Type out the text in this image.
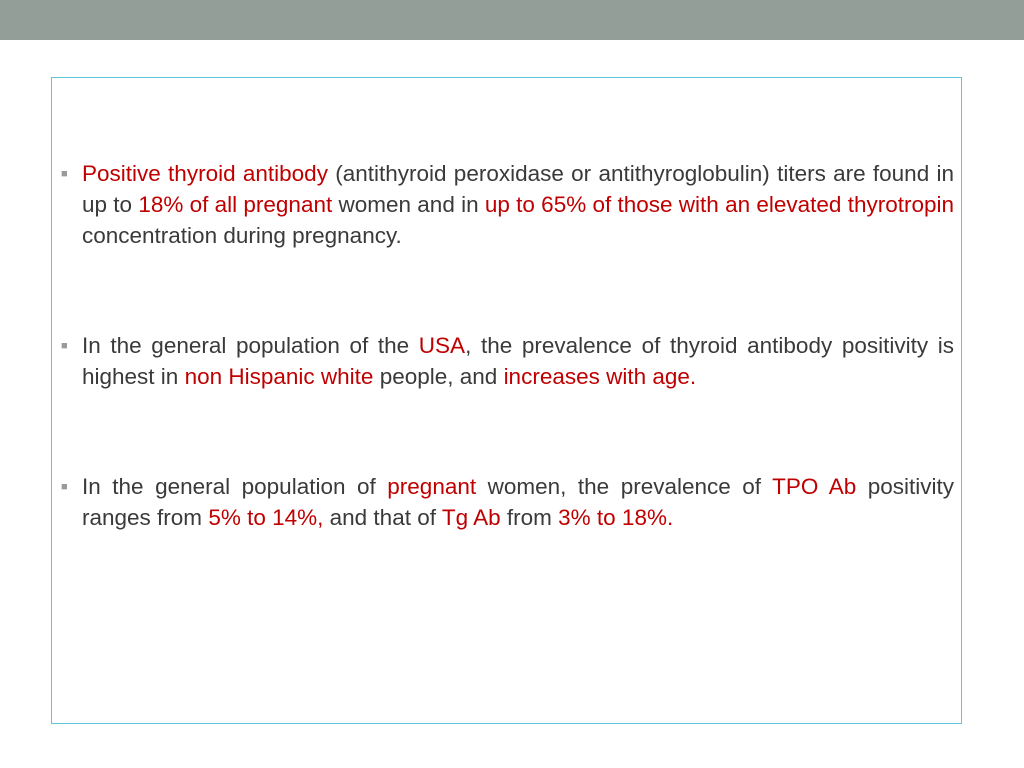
■ Positive thyroid antibody (antithyroid peroxidase or antithyroglobulin) titers are found in up to 18% of all pregnant women and in up to 65% of those with an elevated thyrotropin concentration during pregnancy.
■ In the general population of the USA, the prevalence of thyroid antibody positivity is highest in non Hispanic white people, and increases with age.
■ In the general population of pregnant women, the prevalence of TPO Ab positivity ranges from 5% to 14%, and that of Tg Ab from 3% to 18%.
